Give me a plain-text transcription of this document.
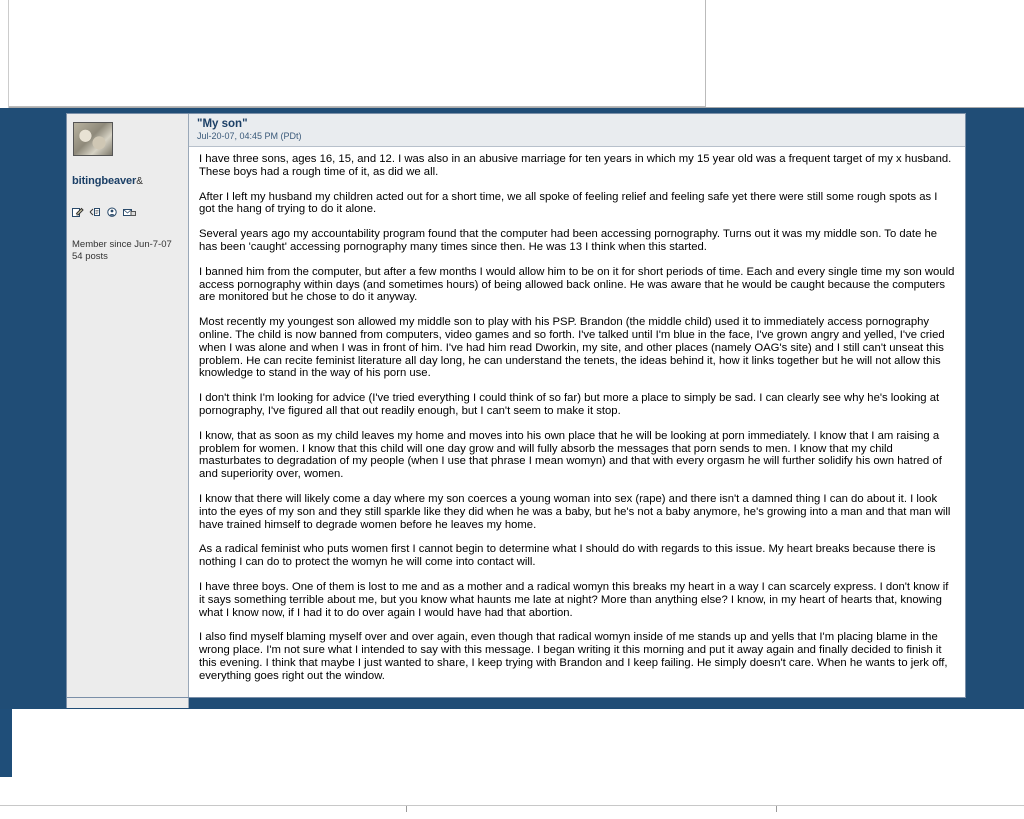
bitingbeaver&
Member since Jun-7-07
54 posts
"My son"
Jul-20-07, 04:45 PM (PDt)

I have three sons, ages 16, 15, and 12. I was also in an abusive marriage for ten years in which my 15 year old was a frequent target of my x husband. These boys had a rough time of it, as did we all.

After I left my husband my children acted out for a short time, we all spoke of feeling relief and feeling safe yet there were still some rough spots as I got the hang of trying to do it alone.

Several years ago my accountability program found that the computer had been accessing pornography. Turns out it was my middle son. To date he has been 'caught' accessing pornography many times since then. He was 13 I think when this started.

I banned him from the computer, but after a few months I would allow him to be on it for short periods of time. Each and every single time my son would access pornography within days (and sometimes hours) of being allowed back online. He was aware that he would be caught because the computers are monitored but he chose to do it anyway.

Most recently my youngest son allowed my middle son to play with his PSP. Brandon (the middle child) used it to immediately access pornography online. The child is now banned from computers, video games and so forth. I've talked until I'm blue in the face, I've grown angry and yelled, I've cried when I was alone and when I was in front of him. I've had him read Dworkin, my site, and other places (namely OAG's site) and I still can't unseat this problem. He can recite feminist literature all day long, he can understand the tenets, the ideas behind it, how it links together but he will not allow this knowledge to stand in the way of his porn use.

I don't think I'm looking for advice (I've tried everything I could think of so far) but more a place to simply be sad. I can clearly see why he's looking at pornography, I've figured all that out readily enough, but I can't seem to make it stop.

I know, that as soon as my child leaves my home and moves into his own place that he will be looking at porn immediately. I know that I am raising a problem for women. I know that this child will one day grow and will fully absorb the messages that porn sends to men. I know that my child masturbates to degradation of my people (when I use that phrase I mean womyn) and that with every orgasm he will further solidify his own hatred of and superiority over, women.

I know that there will likely come a day where my son coerces a young woman into sex (rape) and there isn't a damned thing I can do about it. I look into the eyes of my son and they still sparkle like they did when he was a baby, but he's not a baby anymore, he's growing into a man and that man will have trained himself to degrade women before he leaves my home.

As a radical feminist who puts women first I cannot begin to determine what I should do with regards to this issue. My heart breaks because there is nothing I can do to protect the womyn he will come into contact will.

I have three boys. One of them is lost to me and as a mother and a radical womyn this breaks my heart in a way I can scarcely express. I don't know if it says something terrible about me, but you know what haunts me late at night? More than anything else? I know, in my heart of hearts that, knowing what I know now, if I had it to do over again I would have had that abortion.

I also find myself blaming myself over and over again, even though that radical womyn inside of me stands up and yells that I'm placing blame in the wrong place. I'm not sure what I intended to say with this message. I began writing it this morning and put it away again and finally decided to finish it this evening. I think that maybe I just wanted to share, I keep trying with Brandon and I keep failing. He simply doesn't care. When he wants to jerk off, everything goes right out the window.
